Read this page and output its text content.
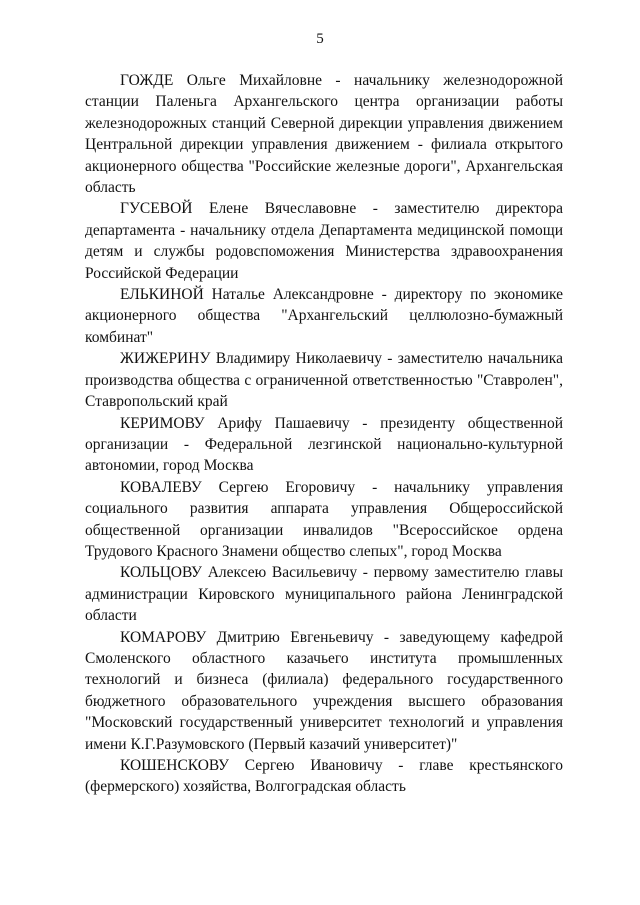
5

ГОЖДЕ Ольге Михайловне - начальнику железнодорожной станции Паленьга Архангельского центра организации работы железнодорожных станций Северной дирекции управления движением Центральной дирекции управления движением - филиала открытого акционерного общества "Российские железные дороги", Архангельская область

ГУСЕВОЙ Елене Вячеславовне - заместителю директора департамента - начальнику отдела Департамента медицинской помощи детям и службы родовспоможения Министерства здравоохранения Российской Федерации

ЕЛЬКИНОЙ Наталье Александровне - директору по экономике акционерного общества "Архангельский целлюлозно-бумажный комбинат"

ЖИЖЕРИНУ Владимиру Николаевичу - заместителю начальника производства общества с ограниченной ответственностью "Ставролен", Ставропольский край

КЕРИМОВУ Арифу Пашаевичу - президенту общественной организации - Федеральной лезгинской национально-культурной автономии, город Москва

КОВАЛЕВУ Сергею Егоровичу - начальнику управления социального развития аппарата управления Общероссийской общественной организации инвалидов "Всероссийское ордена Трудового Красного Знамени общество слепых", город Москва

КОЛЬЦОВУ Алексею Васильевичу - первому заместителю главы администрации Кировского муниципального района Ленинградской области

КОМАРОВУ Дмитрию Евгеньевичу - заведующему кафедрой Смоленского областного казачьего института промышленных технологий и бизнеса (филиала) федерального государственного бюджетного образовательного учреждения высшего образования "Московский государственный университет технологий и управления имени К.Г.Разумовского (Первый казачий университет)"

КОШЕНСКОВУ Сергею Ивановичу - главе крестьянского (фермерского) хозяйства, Волгоградская область
